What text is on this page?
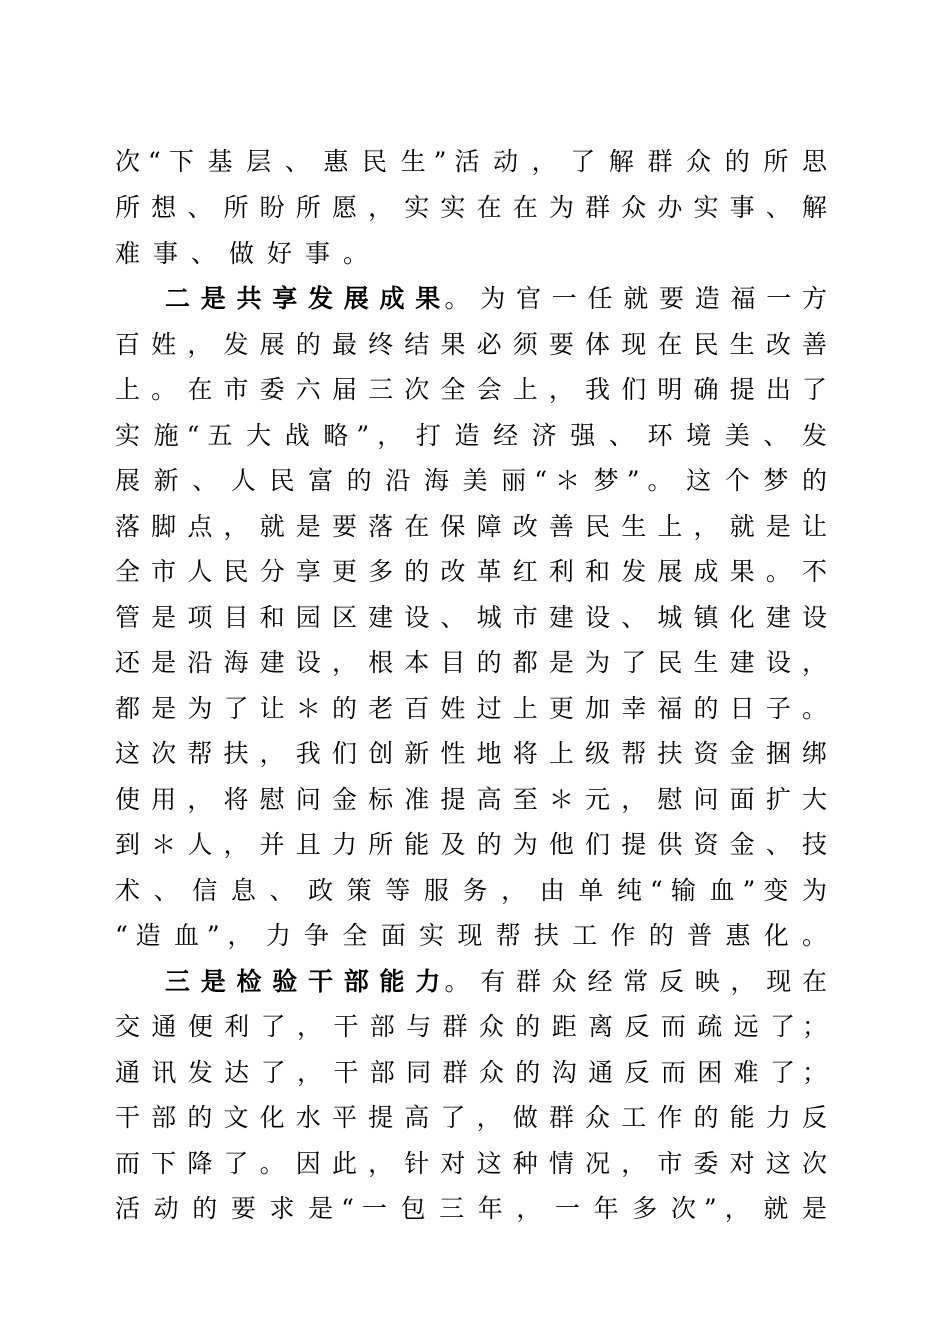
次 “ 下 基 层 、 惠 民 生 ” 活 动 ， 了 解 群 众 的 所 思
所 想 、 所 盼 所 愿 ， 实 实 在 在 为 群 众 办 实 事 、 解
难事、做好事。
二 是 共 享 发 展 成 果。 为 官 一 任 就 要 造 福 一 方
百 姓 ， 发 展 的 最 终 结 果 必 须 要 体 现 在 民 生 改 善
上 。 在 市 委 六 届 三 次 全 会 上 ， 我 们 明 确 提 出 了
实 施 “ 五 大 战 略 ” ， 打 造 经 济 强 、 环 境 美 、 发
展 新 、 人 民 富 的 沿 海 美 丽 “ ＊ 梦 ” 。 这 个 梦 的
落 脚 点 ， 就 是 要 落 在 保 障 改 善 民 生 上 ， 就 是 让
全 市 人 民 分 享 更 多 的 改 革 红 利 和 发 展 成 果 。 不
管 是 项 目 和 园 区 建 设 、 城 市 建 设 、 城 镇 化 建 设
还 是 沿 海 建 设 ， 根 本 目 的 都 是 为 了 民 生 建 设 ，
都 是 为 了 让 ＊ 的 老 百 姓 过 上 更 加 幸 福 的 日 子 。
这 次 帮 扶 ， 我 们 创 新 性 地 将 上 级 帮 扶 资 金 捆 绑
使 用 ， 将 慰 问 金 标 准 提 高 至 ＊ 元 ， 慰 问 面 扩 大
到 ＊ 人 ， 并 且 力 所 能 及 的 为 他 们 提 供 资 金 、 技
术 、 信 息 、 政 策 等 服 务 ， 由 单 纯 “ 输 血 ” 变 为
“ 造 血 ” ， 力 争 全 面 实 现 帮 扶 工 作 的 普 惠 化 。
三 是 检 验 干 部 能 力。 有 群 众 经 常 反 映 ， 现 在
交 通 便 利 了 ， 干 部 与 群 众 的 距 离 反 而 疏 远 了 ；
通 讯 发 达 了 ， 干 部 同 群 众 的 沟 通 反 而 困 难 了 ；
干 部 的 文 化 水 平 提 高 了 ， 做 群 众 工 作 的 能 力 反
而 下 降 了 。 因 此 ， 针 对 这 种 情 况 ， 市 委 对 这 次
活 动 的 要 求 是 “ 一 包 三 年 ， 一 年 多 次 ” ， 就 是
